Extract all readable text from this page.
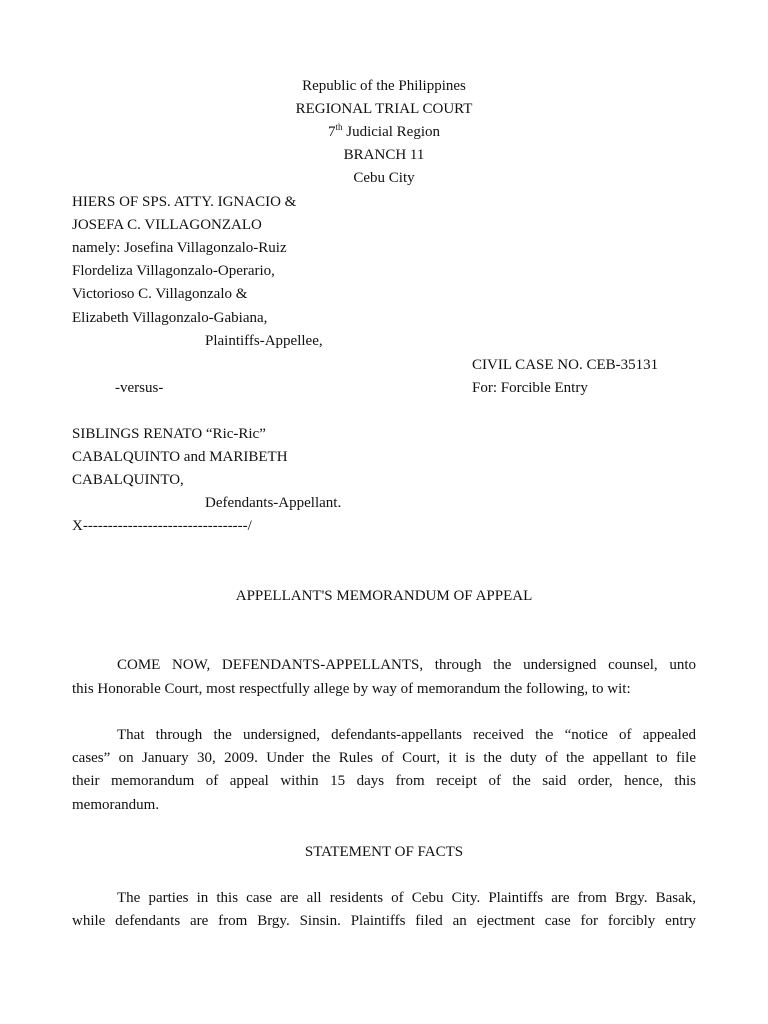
Republic of the Philippines
REGIONAL TRIAL COURT
7th Judicial Region
BRANCH 11
Cebu City
HIERS OF SPS. ATTY. IGNACIO &
JOSEFA C. VILLAGONZALO
namely: Josefina Villagonzalo-Ruiz
Flordeliza Villagonzalo-Operario,
Victorioso C. Villagonzalo &
Elizabeth Villagonzalo-Gabiana,
Plaintiffs-Appellee,
CIVIL CASE NO. CEB-35131
-versus-	For: Forcible Entry
SIBLINGS RENATO “Ric-Ric”
CABALQUINTO and MARIBETH
CABALQUINTO,
Defendants-Appellant.
X---------------------------------/
APPELLANT'S MEMORANDUM OF APPEAL
COME NOW, DEFENDANTS-APPELLANTS, through the undersigned counsel, unto
this Honorable Court, most respectfully allege by way of memorandum the following, to wit:
That through the undersigned, defendants-appellants received the “notice of appealed
cases” on January 30, 2009. Under the Rules of Court, it is the duty of the appellant to file
their memorandum of appeal within 15 days from receipt of the said order, hence, this
memorandum.
STATEMENT OF FACTS
The parties in this case are all residents of Cebu City. Plaintiffs are from Brgy. Basak,
while defendants are from Brgy. Sinsin. Plaintiffs filed an ejectment case for forcibly entry
